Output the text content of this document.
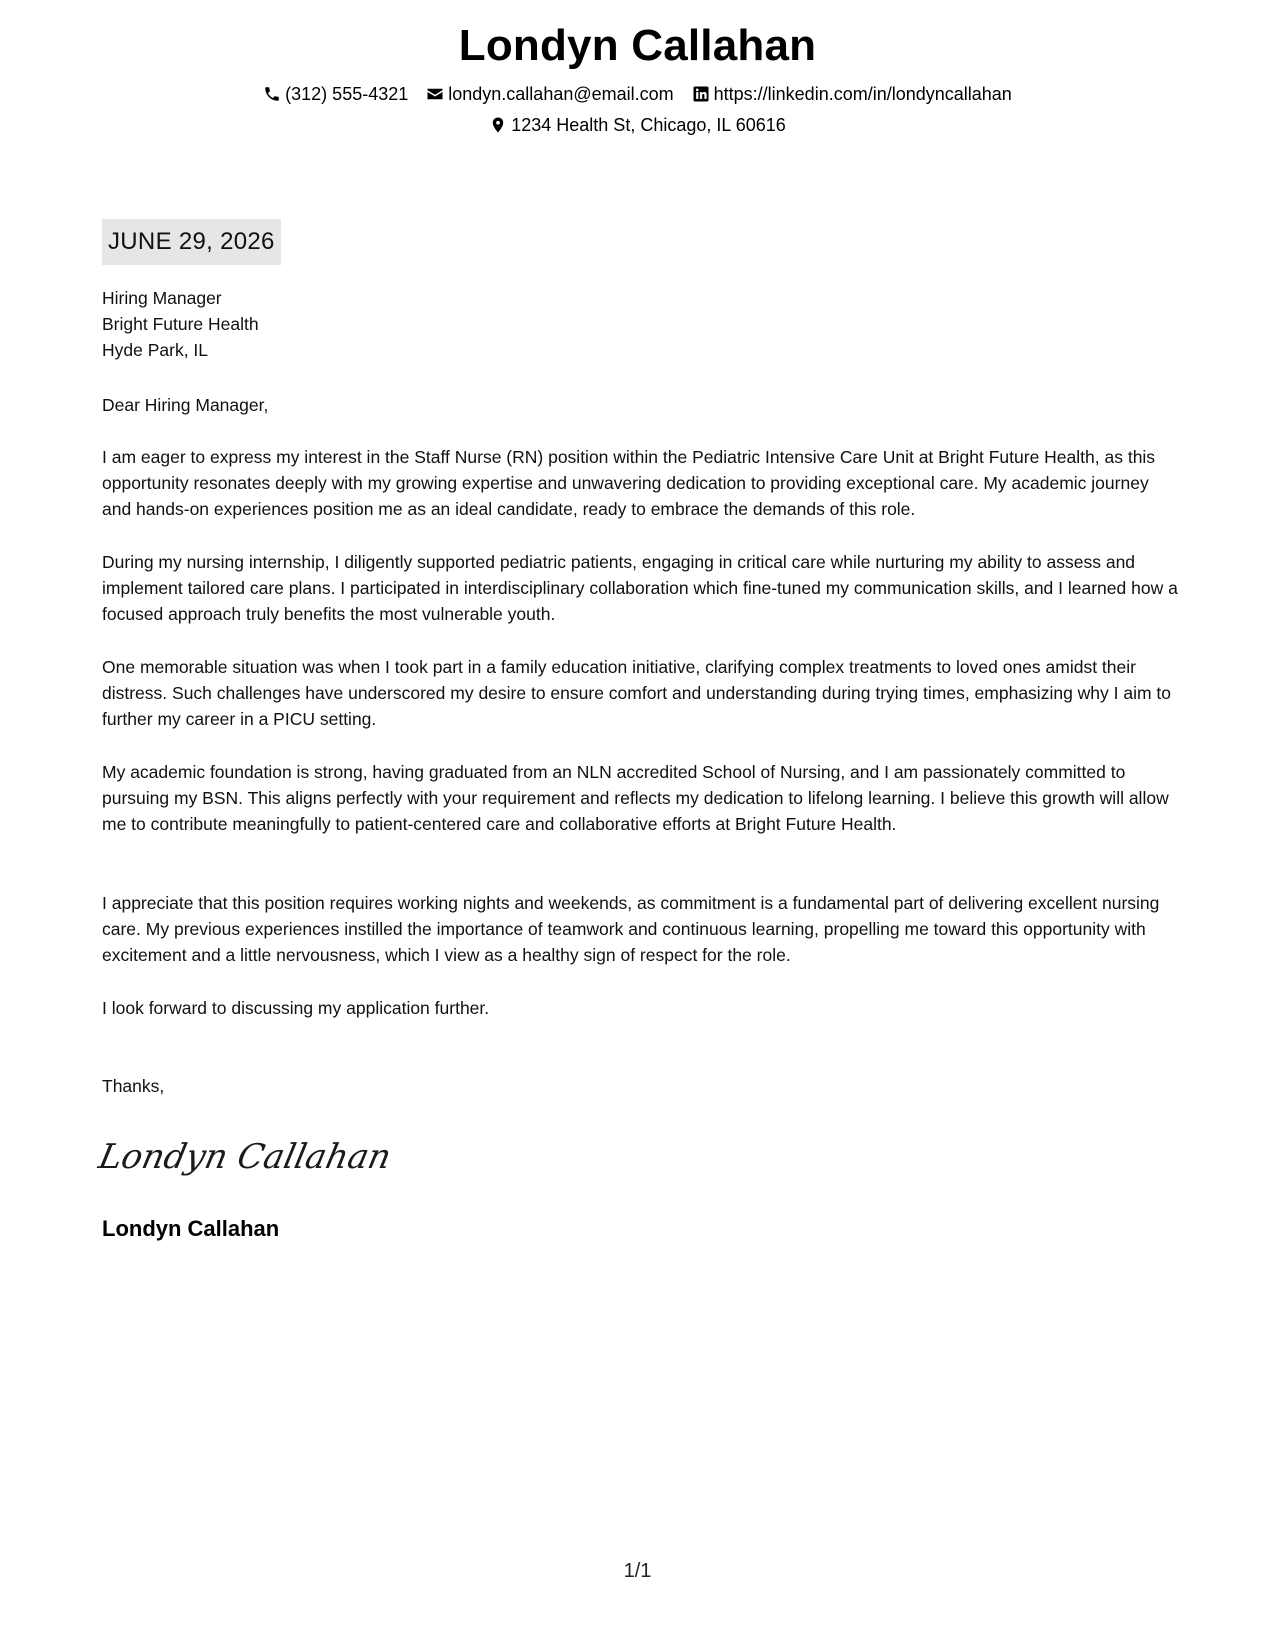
Londyn Callahan
(312) 555-4321 londyn.callahan@email.com https://linkedin.com/in/londyncallahan
1234 Health St, Chicago, IL 60616
JUNE 29, 2026
Hiring Manager
Bright Future Health
Hyde Park, IL
Dear Hiring Manager,
I am eager to express my interest in the Staff Nurse (RN) position within the Pediatric Intensive Care Unit at Bright Future Health, as this opportunity resonates deeply with my growing expertise and unwavering dedication to providing exceptional care. My academic journey and hands-on experiences position me as an ideal candidate, ready to embrace the demands of this role.
During my nursing internship, I diligently supported pediatric patients, engaging in critical care while nurturing my ability to assess and implement tailored care plans. I participated in interdisciplinary collaboration which fine-tuned my communication skills, and I learned how a focused approach truly benefits the most vulnerable youth.
One memorable situation was when I took part in a family education initiative, clarifying complex treatments to loved ones amidst their distress. Such challenges have underscored my desire to ensure comfort and understanding during trying times, emphasizing why I aim to further my career in a PICU setting.
My academic foundation is strong, having graduated from an NLN accredited School of Nursing, and I am passionately committed to pursuing my BSN. This aligns perfectly with your requirement and reflects my dedication to lifelong learning. I believe this growth will allow me to contribute meaningfully to patient-centered care and collaborative efforts at Bright Future Health.
I appreciate that this position requires working nights and weekends, as commitment is a fundamental part of delivering excellent nursing care. My previous experiences instilled the importance of teamwork and continuous learning, propelling me toward this opportunity with excitement and a little nervousness, which I view as a healthy sign of respect for the role.
I look forward to discussing my application further.
Thanks,
Londyn Callahan
Londyn Callahan
1/1
